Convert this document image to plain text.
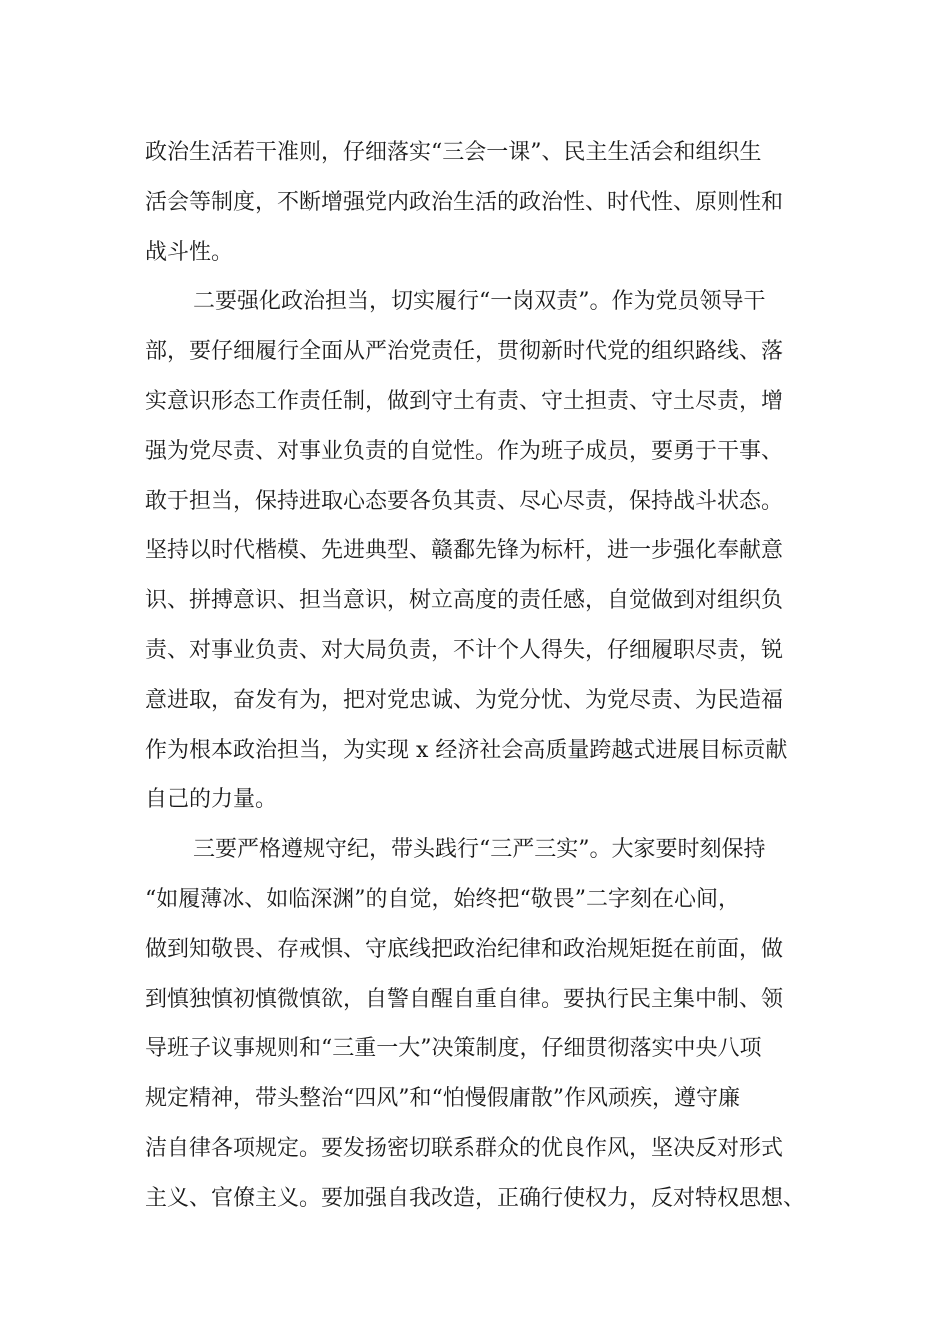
政治生活若干准则，仔细落实“三会一课”、民主生活会和组织生
活会等制度，不断增强党内政治生活的政治性、时代性、原则性和
战斗性。
二要强化政治担当，切实履行“一岗双责”。作为党员领导干
部，要仔细履行全面从严治党责任，贯彻新时代党的组织路线、落
实意识形态工作责任制，做到守土有责、守土担责、守土尽责，增
强为党尽责、对事业负责的自觉性。作为班子成员，要勇于干事、
敢于担当，保持进取心态要各负其责、尽心尽责，保持战斗状态。
坚持以时代楷模、先进典型、赣鄱先锋为标杆，进一步强化奉献意
识、拼搏意识、担当意识，树立高度的责任感，自觉做到对组织负
责、对事业负责、对大局负责，不计个人得失，仔细履职尽责，锐
意进取，奋发有为，把对党忠诚、为党分忧、为党尽责、为民造福
作为根本政治担当，为实现 x 经济社会高质量跨越式进展目标贡献
自己的力量。
三要严格遵规守纪，带头践行“三严三实”。大家要时刻保持
“如履薄冰、如临深渊”的自觉，始终把“敬畏”二字刻在心间，
做到知敬畏、存戒惧、守底线把政治纪律和政治规矩挺在前面，做
到慎独慎初慎微慎欲，自警自醒自重自律。要执行民主集中制、领
导班子议事规则和“三重一大”决策制度，仔细贯彻落实中央八项
规定精神，带头整治“四风”和“怕慢假庸散”作风顽疾，遵守廉
洁自律各项规定。要发扬密切联系群众的优良作风，坚决反对形式
主义、官僚主义。要加强自我改造，正确行使权力，反对特权思想、
